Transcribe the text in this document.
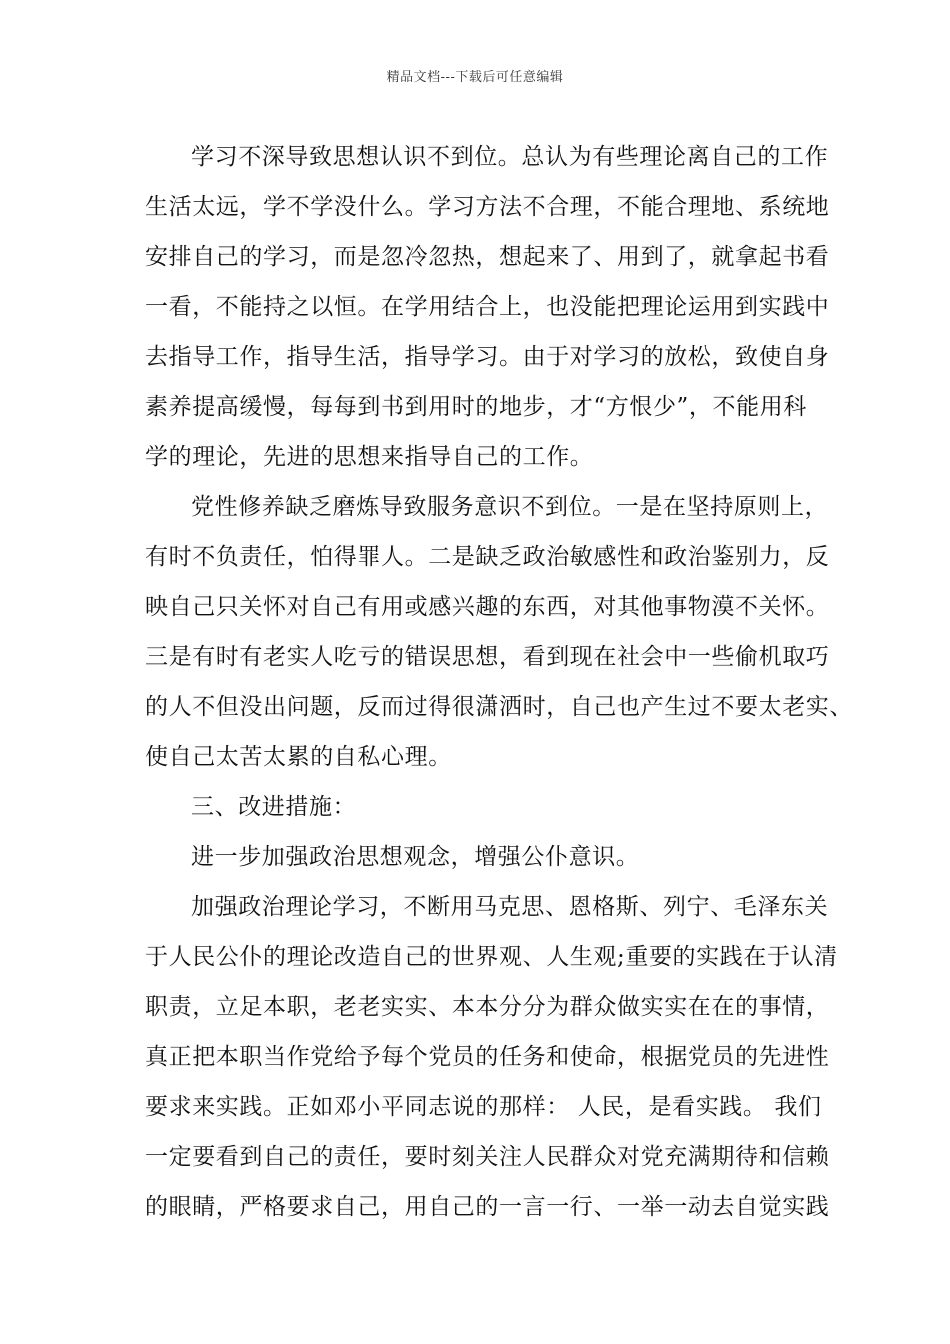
精品文档---下载后可任意编辑
学习不深导致思想认识不到位。总认为有些理论离自己的工作
生活太远，学不学没什么。学习方法不合理，不能合理地、系统地
安排自己的学习，而是忽冷忽热，想起来了、用到了，就拿起书看
一看，不能持之以恒。在学用结合上，也没能把理论运用到实践中
去指导工作，指导生活，指导学习。由于对学习的放松，致使自身
素养提高缓慢，每每到书到用时的地步，才“方恨少”，不能用科
学的理论，先进的思想来指导自己的工作。
党性修养缺乏磨炼导致服务意识不到位。一是在坚持原则上，
有时不负责任，怕得罪人。二是缺乏政治敏感性和政治鉴别力，反
映自己只关怀对自己有用或感兴趣的东西，对其他事物漠不关怀。
三是有时有老实人吃亏的错误思想，看到现在社会中一些偷机取巧
的人不但没出问题，反而过得很潇洒时，自己也产生过不要太老实、
使自己太苦太累的自私心理。
三、改进措施：
进一步加强政治思想观念，增强公仆意识。
加强政治理论学习，不断用马克思、恩格斯、列宁、毛泽东关
于人民公仆的理论改造自己的世界观、人生观;重要的实践在于认清
职责，立足本职，老老实实、本本分分为群众做实实在在的事情，
真正把本职当作党给予每个党员的任务和使命，根据党员的先进性
要求来实践。正如邓小平同志说的那样： 人民，是看实践。 我们
一定要看到自己的责任，要时刻关注人民群众对党充满期待和信赖
的眼睛，严格要求自己，用自己的一言一行、一举一动去自觉实践
